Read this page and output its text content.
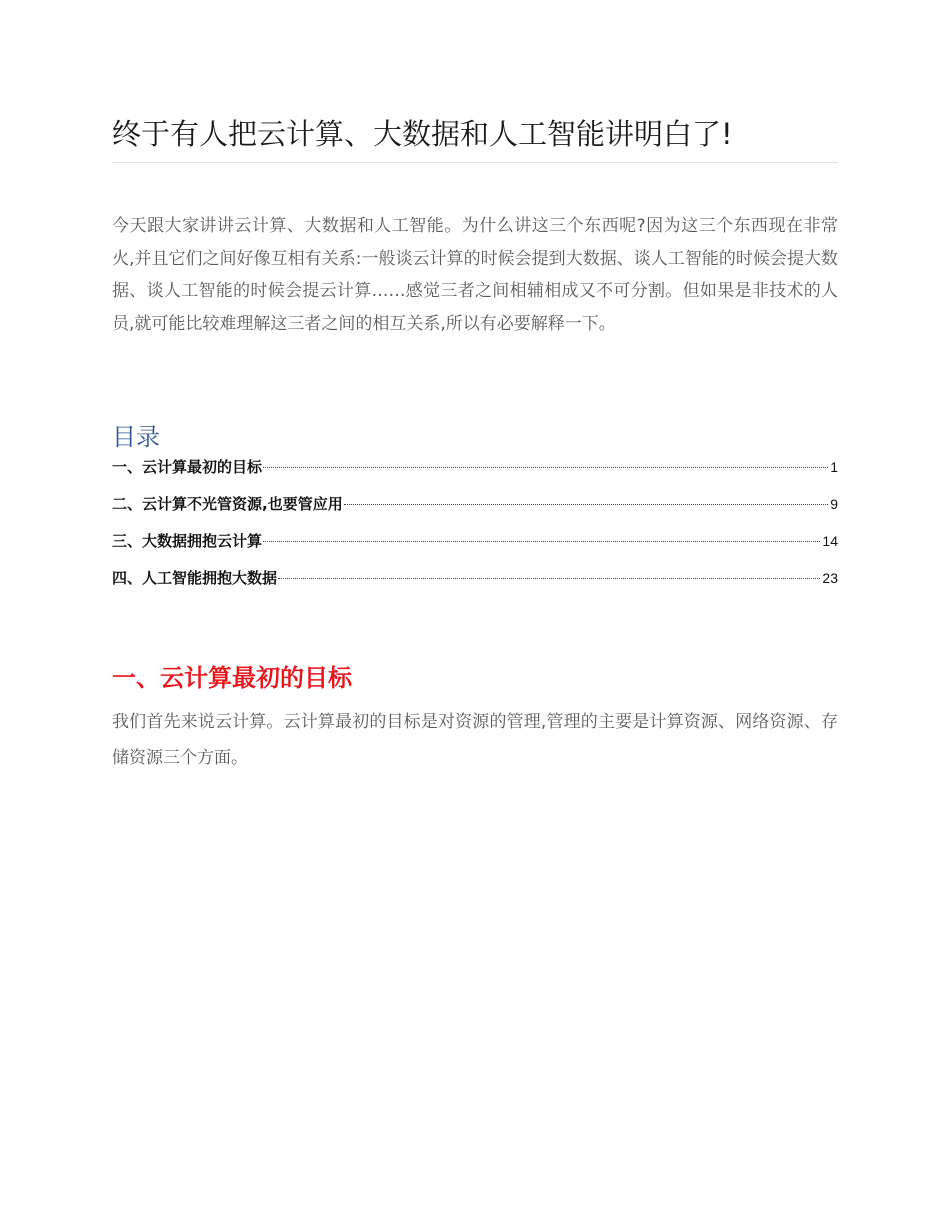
终于有人把云计算、大数据和人工智能讲明白了!

今天跟大家讲讲云计算、大数据和人工智能。为什么讲这三个东西呢?因为这三个东西现在非常火,并且它们之间好像互相有关系:一般谈云计算的时候会提到大数据、谈人工智能的时候会提大数据、谈人工智能的时候会提云计算……感觉三者之间相辅相成又不可分割。但如果是非技术的人员,就可能比较难理解这三者之间的相互关系,所以有必要解释一下。

目录
一、云计算最初的目标	1
二、云计算不光管资源,也要管应用	9
三、大数据拥抱云计算	14
四、人工智能拥抱大数据	23
一、云计算最初的目标

我们首先来说云计算。云计算最初的目标是对资源的管理,管理的主要是计算资源、网络资源、存储资源三个方面。
